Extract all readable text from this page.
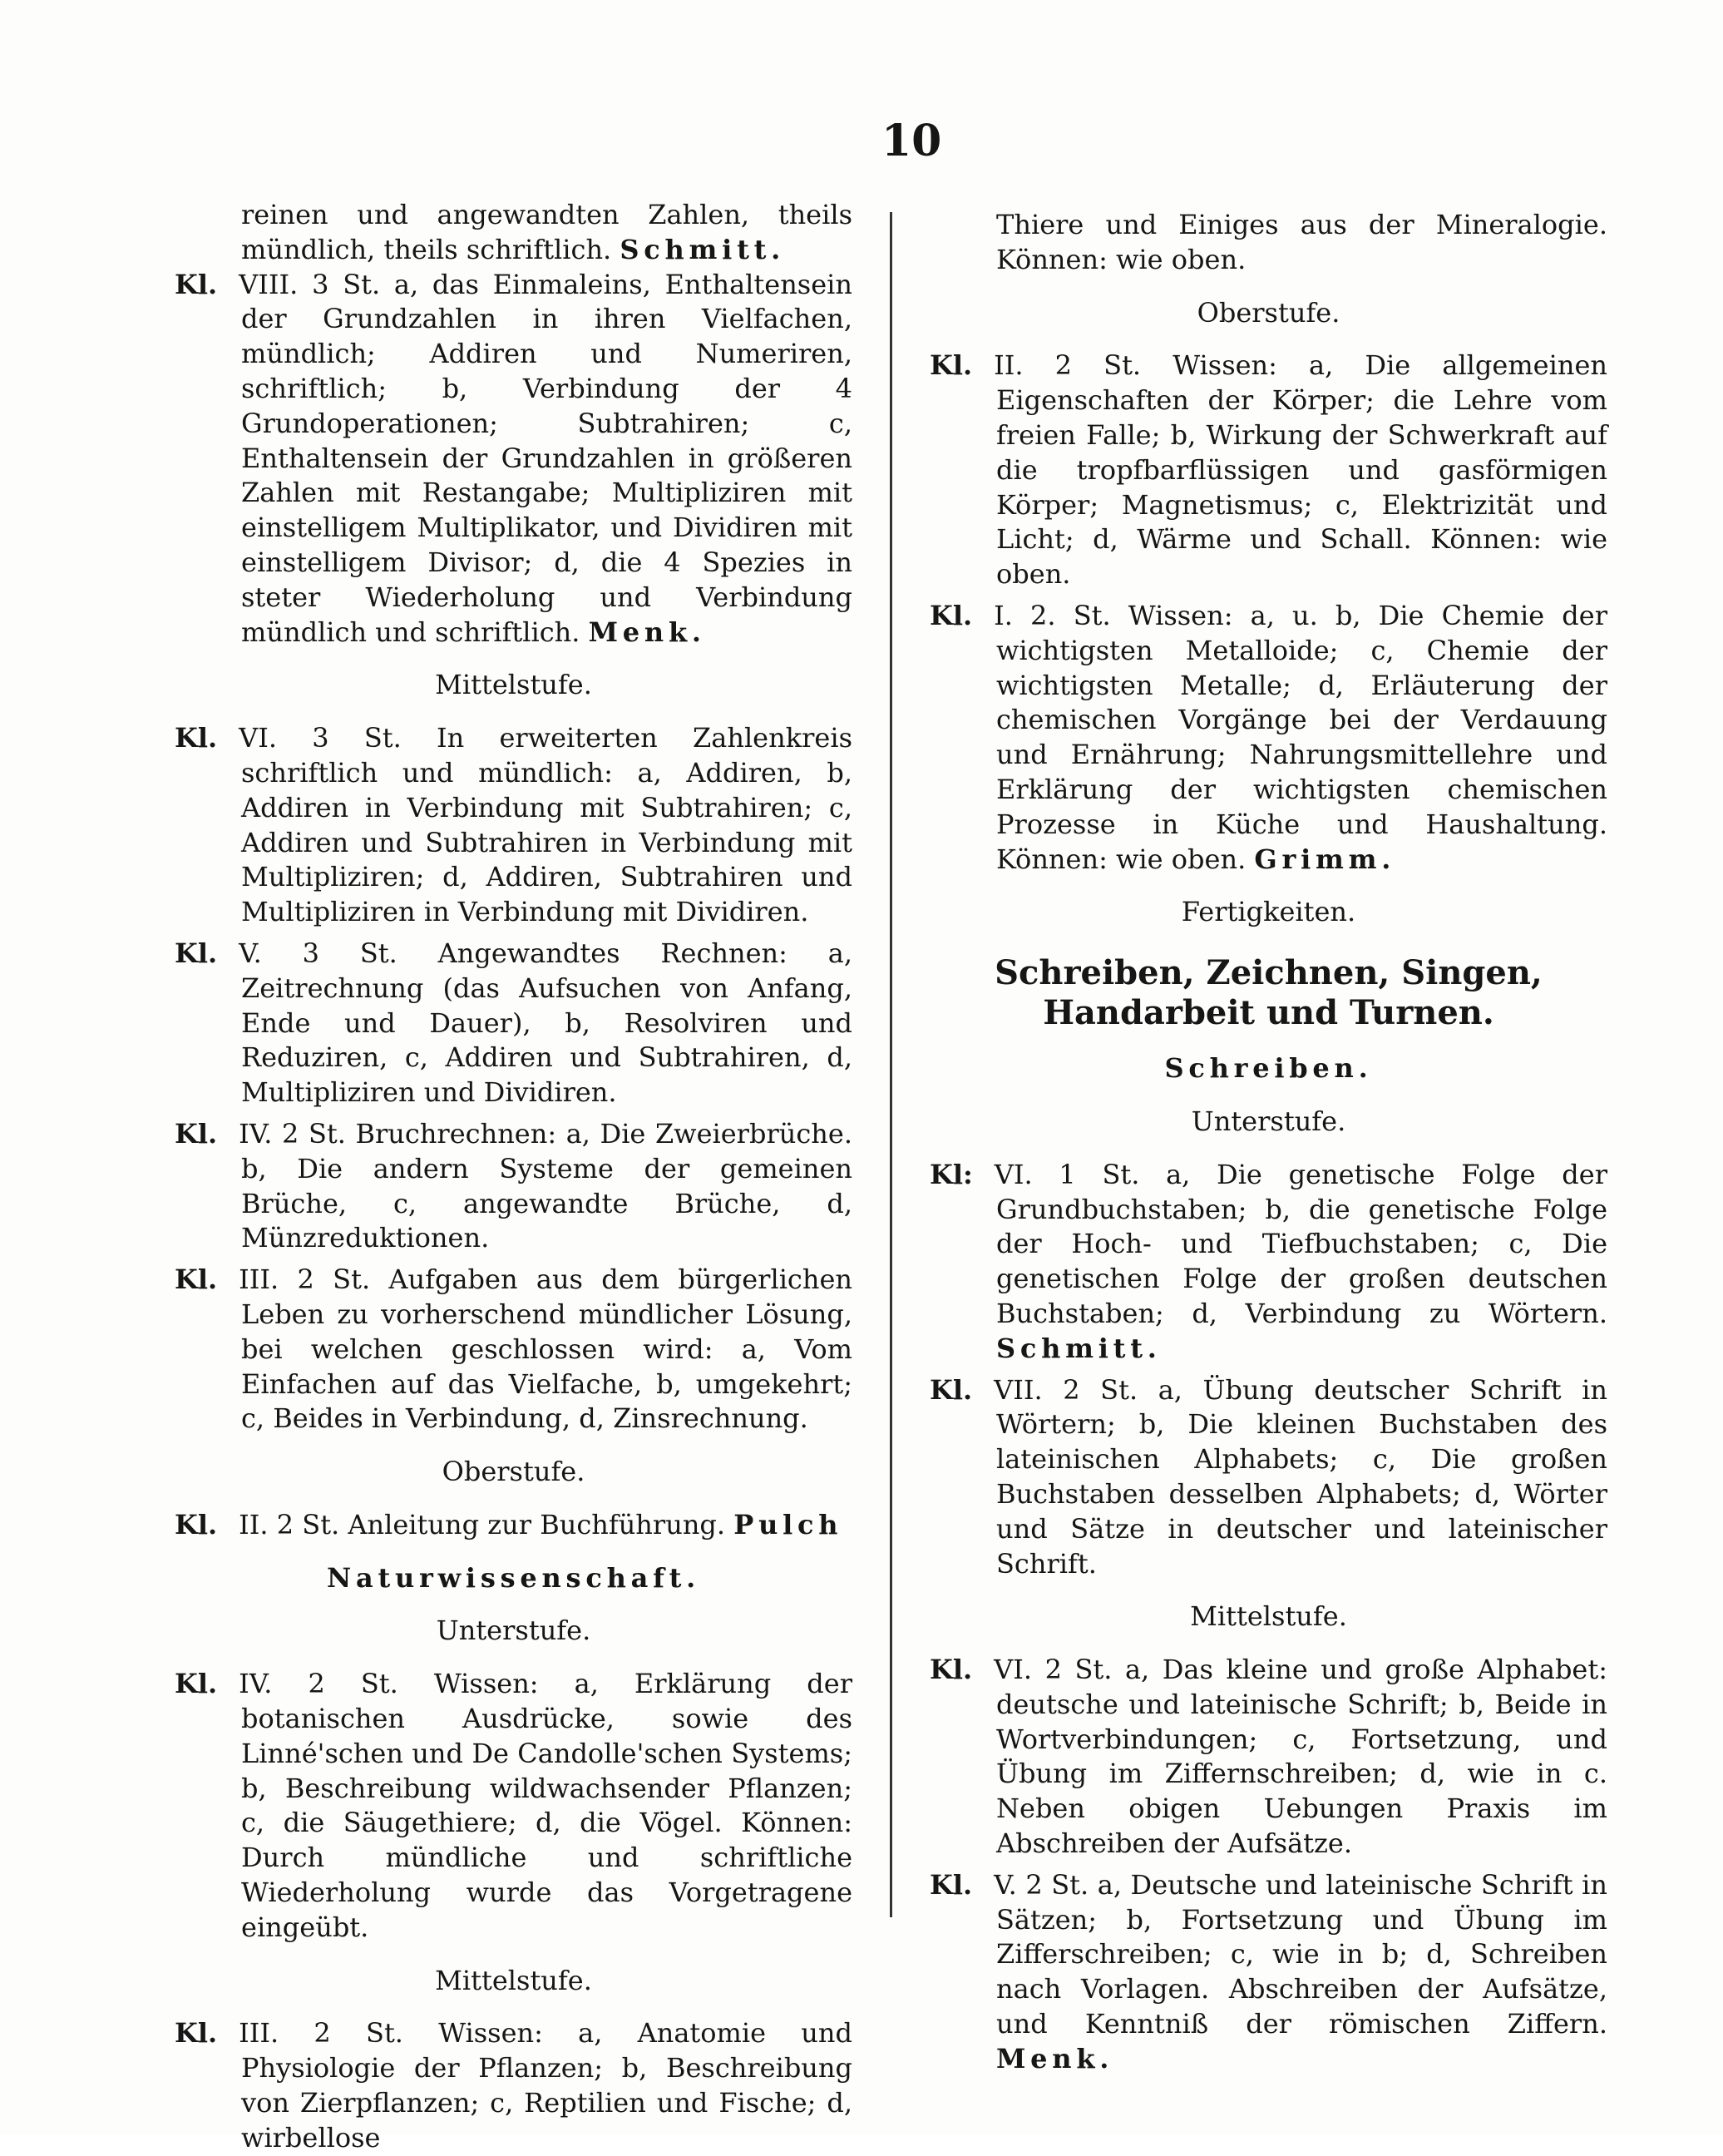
10

reinen und angewandten Zahlen, theils mündlich, theils schriftlich. Schmitt.

Kl. VIII. 3 St. a, das Einmaleins, Enthaltensein der Grundzahlen in ihren Vielfachen, mündlich; Addiren und Numeriren, schriftlich; b, Verbindung der 4 Grundoperationen; Subtrahiren; c, Enthaltensein der Grundzahlen in größeren Zahlen mit Restangabe; Multipliziren mit einstelligem Multiplikator, und Dividiren mit einstelligem Divisor; d, die 4 Spezies in steter Wiederholung und Verbindung mündlich und schriftlich. Menk.

Mittelstufe.

Kl. VI. 3 St. In erweiterten Zahlenkreis schriftlich und mündlich: a, Addiren, b, Addiren in Verbindung mit Subtrahiren; c, Addiren und Subtrahiren in Verbindung mit Multipliziren; d, Addiren, Subtrahiren und Multipliziren in Verbindung mit Dividiren.

Kl. V. 3 St. Angewandtes Rechnen: a, Zeitrechnung (das Aufsuchen von Anfang, Ende und Dauer), b, Resolviren und Reduziren, c, Addiren und Subtrahiren, d, Multipliziren und Dividiren.

Kl. IV. 2 St. Bruchrechnen: a, Die Zweierbrüche. b, Die andern Systeme der gemeinen Brüche, c, angewandte Brüche, d, Münzreduktionen.

Kl. III. 2 St. Aufgaben aus dem bürgerlichen Leben zu vorherschend mündlicher Lösung, bei welchen geschlossen wird: a, Vom Einfachen auf das Vielfache, b, umgekehrt; c, Beides in Verbindung, d, Zinsrechnung.

Oberstufe.

Kl. II. 2 St. Anleitung zur Buchführung. Pulch

Naturwissenschaft.

Unterstufe.

Kl. IV. 2 St. Wissen: a, Erklärung der botanischen Ausdrücke, sowie des Linné'schen und De Candolle'schen Systems; b, Beschreibung wildwachsender Pflanzen; c, die Säugethiere; d, die Vögel. Können: Durch mündliche und schriftliche Wiederholung wurde das Vorgetragene eingeübt.

Mittelstufe.

Kl. III. 2 St. Wissen: a, Anatomie und Physiologie der Pflanzen; b, Beschreibung von Zierpflanzen; c, Reptilien und Fische; d, wirbellose

Thiere und Einiges aus der Mineralogie. Können: wie oben.

Oberstufe.

Kl. II. 2 St. Wissen: a, Die allgemeinen Eigenschaften der Körper; die Lehre vom freien Falle; b, Wirkung der Schwerkraft auf die tropfbarflüssigen und gasförmigen Körper; Magnetismus; c, Elektrizität und Licht; d, Wärme und Schall. Können: wie oben.

Kl. I. 2. St. Wissen: a, u. b, Die Chemie der wichtigsten Metalloide; c, Chemie der wichtigsten Metalle; d, Erläuterung der chemischen Vorgänge bei der Verdauung und Ernährung; Nahrungsmittellehre und Erklärung der wichtigsten chemischen Prozesse in Küche und Haushaltung. Können: wie oben. Grimm.

Fertigkeiten.

Schreiben, Zeichnen, Singen, Handarbeit und Turnen.

Schreiben.

Unterstufe.

Kl: VI. 1 St. a, Die genetische Folge der Grundbuchstaben; b, die genetische Folge der Hoch- und Tiefbuchstaben; c, Die genetischen Folge der großen deutschen Buchstaben; d, Verbindung zu Wörtern. Schmitt.

Kl. VII. 2 St. a, Übung deutscher Schrift in Wörtern; b, Die kleinen Buchstaben des lateinischen Alphabets; c, Die großen Buchstaben desselben Alphabets; d, Wörter und Sätze in deutscher und lateinischer Schrift.

Mittelstufe.

Kl. VI. 2 St. a, Das kleine und große Alphabet: deutsche und lateinische Schrift; b, Beide in Wortverbindungen; c, Fortsetzung, und Übung im Ziffernschreiben; d, wie in c. Neben obigen Uebungen Praxis im Abschreiben der Aufsätze.

Kl. V. 2 St. a, Deutsche und lateinische Schrift in Sätzen; b, Fortsetzung und Übung im Zifferschreiben; c, wie in b; d, Schreiben nach Vorlagen. Abschreiben der Aufsätze, und Kenntniß der römischen Ziffern. Menk.
